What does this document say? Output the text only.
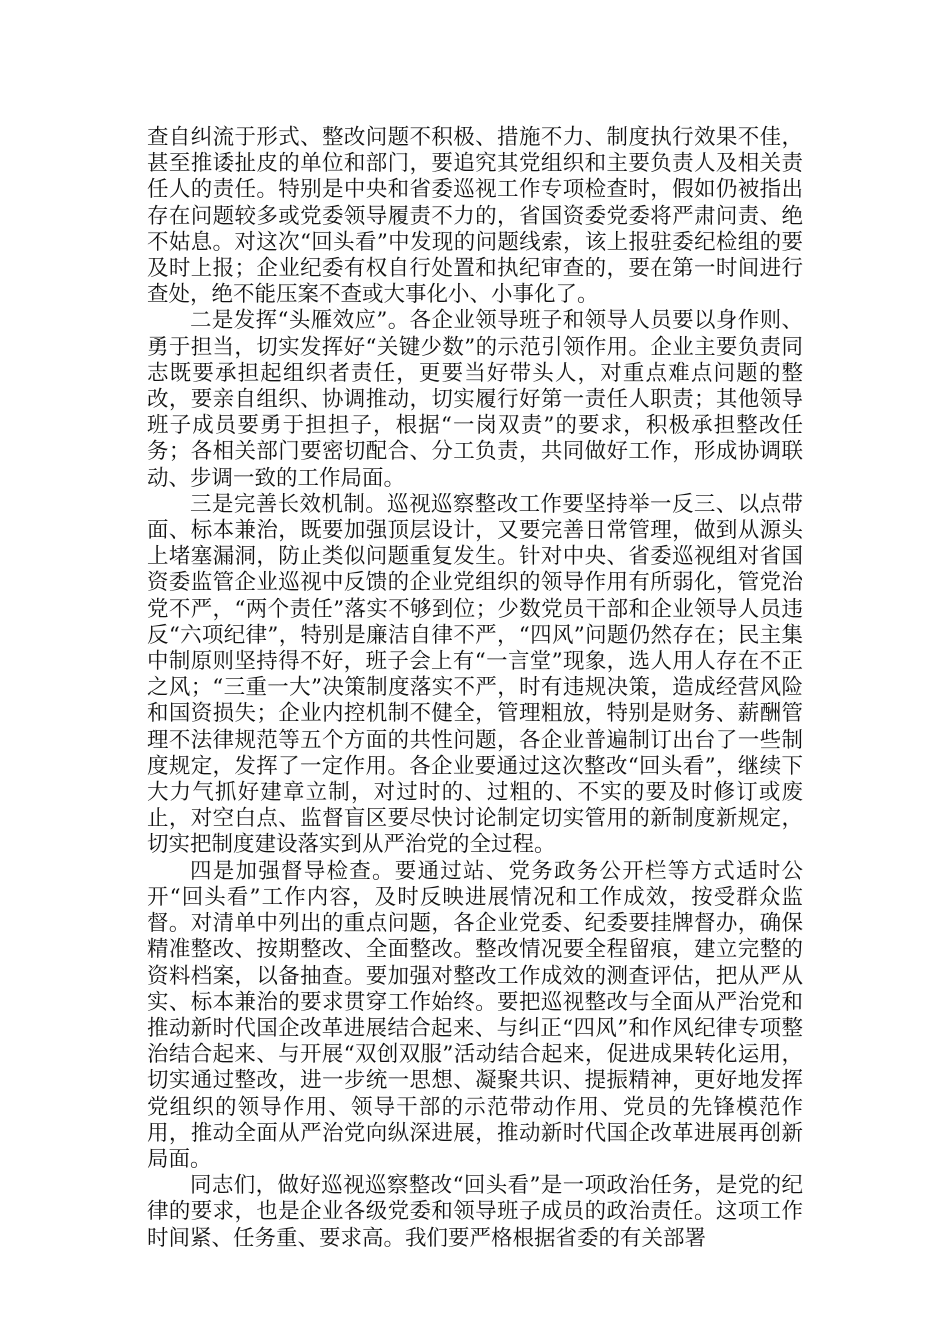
查自纠流于形式、整改问题不积极、措施不力、制度执行效果不佳，甚至推诿扯皮的单位和部门，要追究其党组织和主要负责人及相关责任人的责任。特别是中央和省委巡视工作专项检查时，假如仍被指出存在问题较多或党委领导履责不力的，省国资委党委将严肃问责、绝不姑息。对这次“回头看”中发现的问题线索，该上报驻委纪检组的要及时上报；企业纪委有权自行处置和执纪审查的，要在第一时间进行查处，绝不能压案不查或大事化小、小事化了。

二是发挥“头雁效应”。各企业领导班子和领导人员要以身作则、勇于担当，切实发挥好“关键少数”的示范引领作用。企业主要负责同志既要承担起组织者责任，更要当好带头人，对重点难点问题的整改，要亲自组织、协调推动，切实履行好第一责任人职责；其他领导班子成员要勇于担担子，根据“一岗双责”的要求，积极承担整改任务；各相关部门要密切配合、分工负责，共同做好工作，形成协调联动、步调一致的工作局面。

三是完善长效机制。巡视巡察整改工作要坚持举一反三、以点带面、标本兼治，既要加强顶层设计，又要完善日常管理，做到从源头上堵塞漏洞，防止类似问题重复发生。针对中央、省委巡视组对省国资委监管企业巡视中反馈的企业党组织的领导作用有所弱化，管党治党不严，“两个责任”落实不够到位；少数党员干部和企业领导人员违反“六项纪律”，特别是廉洁自律不严，“四风”问题仍然存在；民主集中制原则坚持得不好，班子会上有“一言堂”现象，选人用人存在不正之风；“三重一大”决策制度落实不严，时有违规决策，造成经营风险和国资损失；企业内控机制不健全，管理粗放，特别是财务、薪酬管理不法律规范等五个方面的共性问题，各企业普遍制订出台了一些制度规定，发挥了一定作用。各企业要通过这次整改“回头看”，继续下大力气抓好建章立制，对过时的、过粗的、不实的要及时修订或废止，对空白点、监督盲区要尽快讨论制定切实管用的新制度新规定，切实把制度建设落实到从严治党的全过程。

四是加强督导检查。要通过站、党务政务公开栏等方式适时公开“回头看”工作内容，及时反映进展情况和工作成效，按受群众监督。对清单中列出的重点问题，各企业党委、纪委要挂牌督办，确保精准整改、按期整改、全面整改。整改情况要全程留痕，建立完整的资料档案，以备抽查。要加强对整改工作成效的测查评估，把从严从实、标本兼治的要求贯穿工作始终。要把巡视整改与全面从严治党和推动新时代国企改革进展结合起来、与纠正“四风”和作风纪律专项整治结合起来、与开展“双创双服”活动结合起来，促进成果转化运用，切实通过整改，进一步统一思想、凝聚共识、提振精神，更好地发挥党组织的领导作用、领导干部的示范带动作用、党员的先锋模范作用，推动全面从严治党向纵深进展，推动新时代国企改革进展再创新局面。

同志们，做好巡视巡察整改“回头看”是一项政治任务，是党的纪律的要求，也是企业各级党委和领导班子成员的政治责任。这项工作时间紧、任务重、要求高。我们要严格根据省委的有关部署
